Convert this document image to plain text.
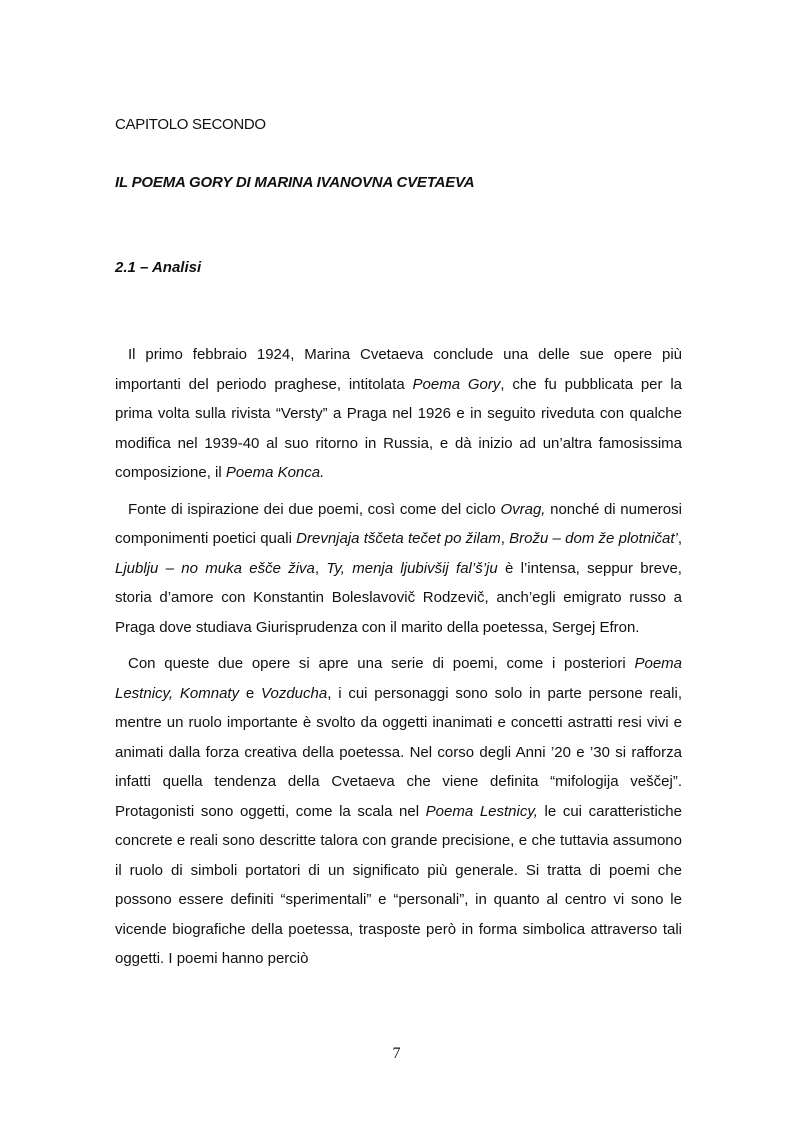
CAPITOLO SECONDO
IL POEMA GORY DI MARINA IVANOVNA CVETAEVA
2.1 – Analisi

Il primo febbraio 1924, Marina Cvetaeva conclude una delle sue opere più importanti del periodo praghese, intitolata Poema Gory, che fu pubblicata per la prima volta sulla rivista “Versty” a Praga nel 1926 e in seguito riveduta con qualche modifica nel 1939-40 al suo ritorno in Russia, e dà inizio ad un’altra famosissima composizione, il Poema Konca.

Fonte di ispirazione dei due poemi, così come del ciclo Ovrag, nonché di numerosi componimenti poetici quali Drevnjaja tščeta tečet po žilam, Brožu – dom že plotničat’, Ljublju – no muka ešče živa, Ty, menja ljubivšij fal’š’ju è l’intensa, seppur breve, storia d’amore con Konstantin Boleslavovič Rodzevič, anch’egli emigrato russo a Praga dove studiava Giurisprudenza con il marito della poetessa, Sergej Efron.

Con queste due opere si apre una serie di poemi, come i posteriori Poema Lestnicy, Komnaty e Vozducha, i cui personaggi sono solo in parte persone reali, mentre un ruolo importante è svolto da oggetti inanimati e concetti astratti resi vivi e animati dalla forza creativa della poetessa. Nel corso degli Anni ’20 e ’30 si rafforza infatti quella tendenza della Cvetaeva che viene definita “mifologija veščej”. Protagonisti sono oggetti, come la scala nel Poema Lestnicy, le cui caratteristiche concrete e reali sono descritte talora con grande precisione, e che tuttavia assumono il ruolo di simboli portatori di un significato più generale. Si tratta di poemi che possono essere definiti “sperimentali” e “personali”, in quanto al centro vi sono le vicende biografiche della poetessa, trasposte però in forma simbolica attraverso tali oggetti. I poemi hanno perciò

7
